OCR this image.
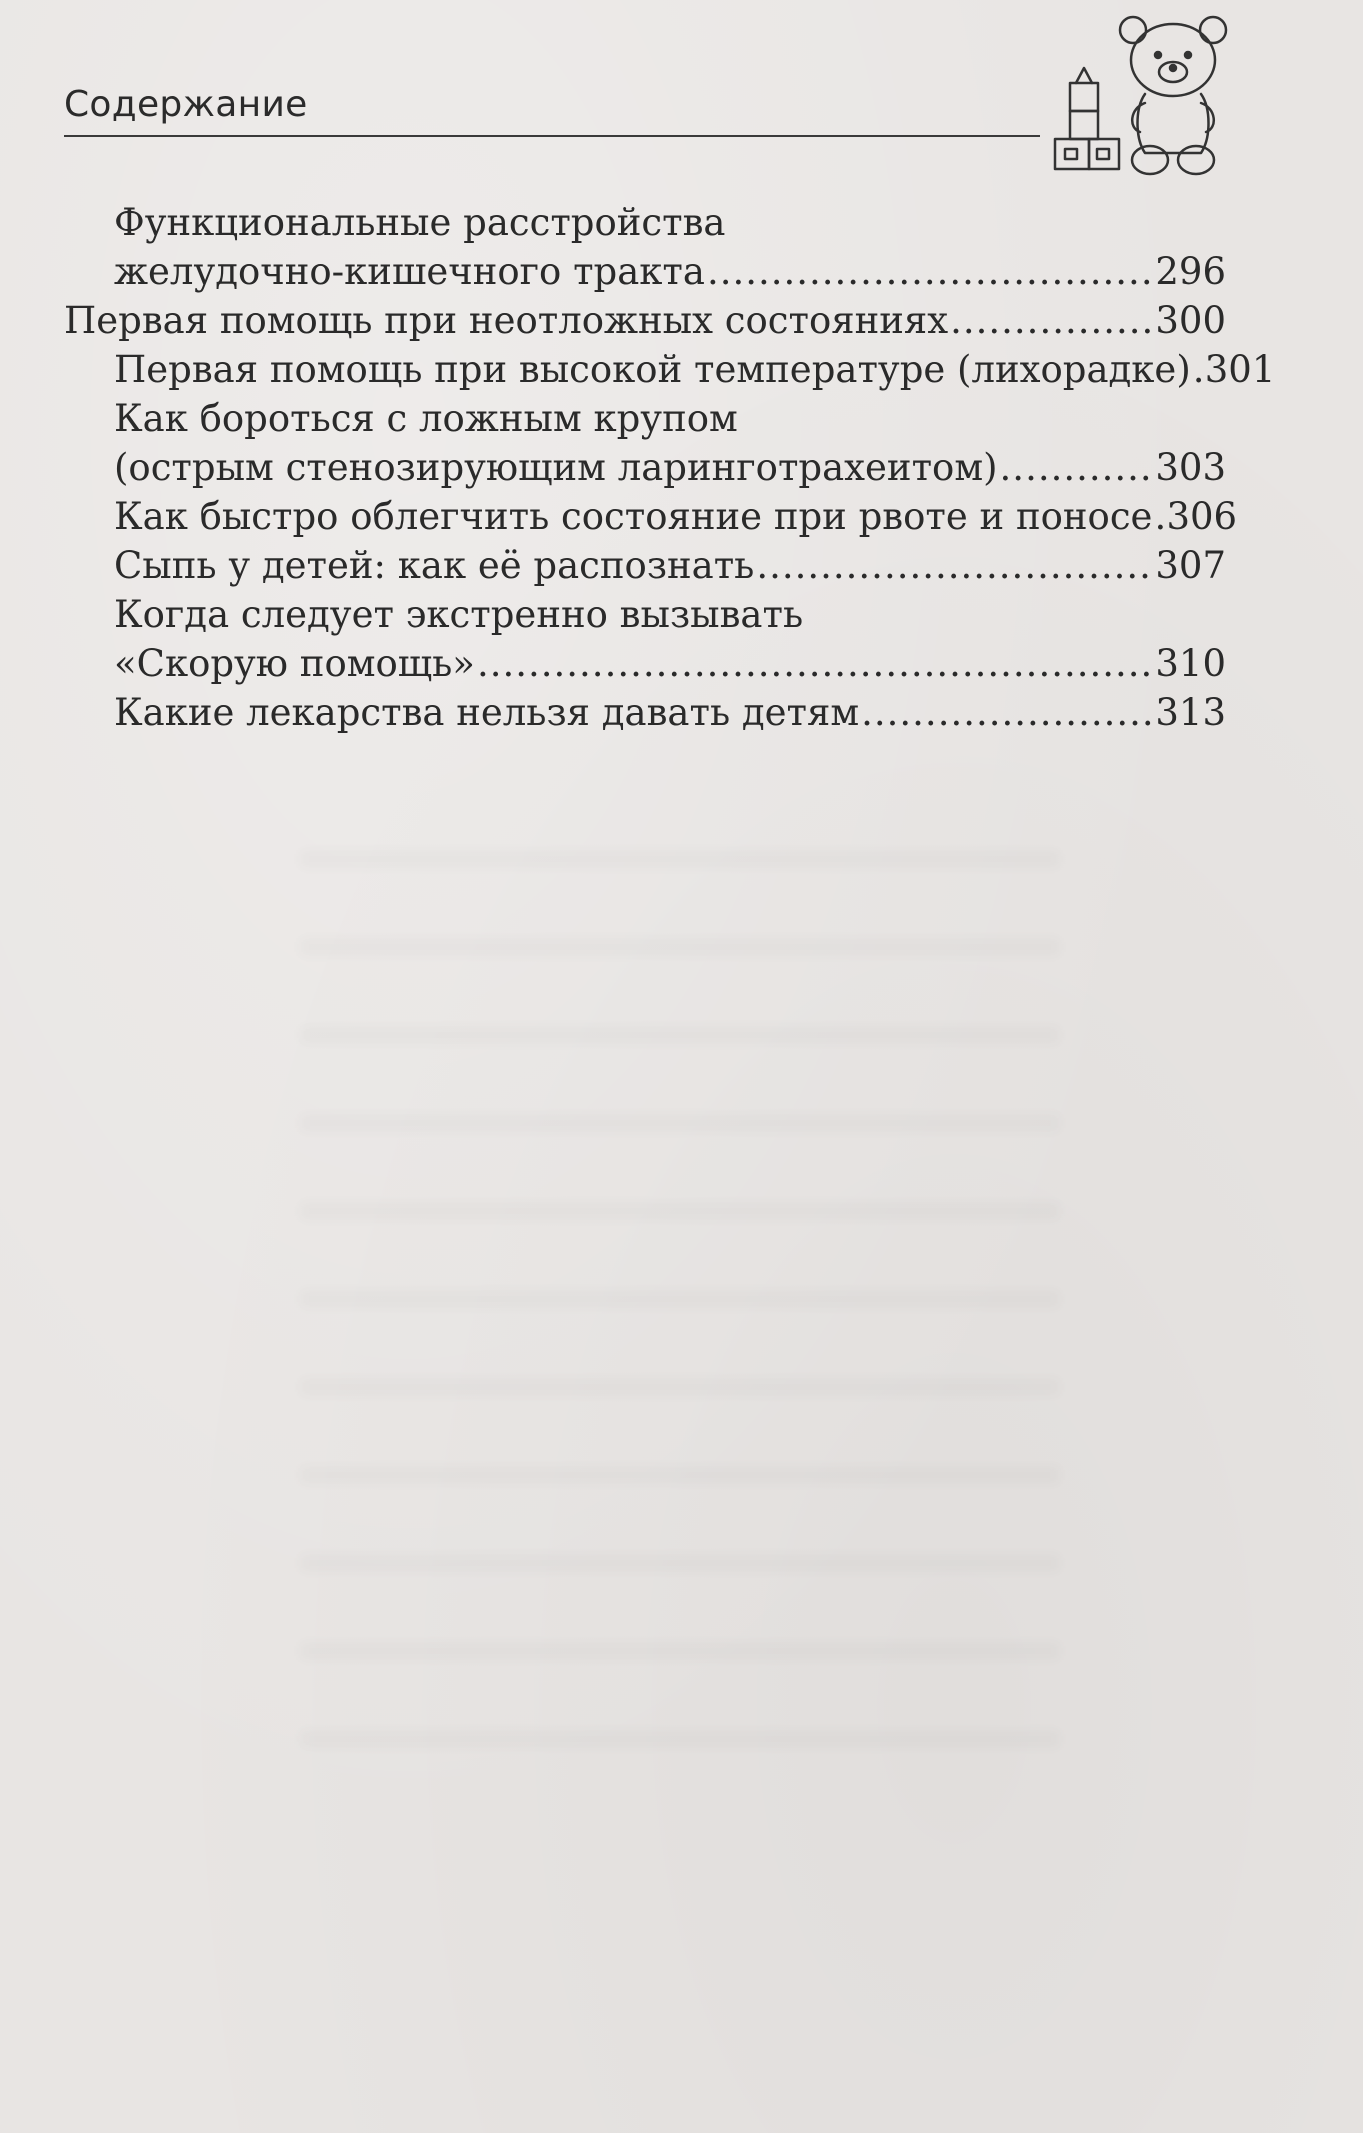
Содержание
Функциональные расстройства
желудочно-кишечного тракта .....	296
Первая помощь при неотложных состояниях .....	300
Первая помощь при высокой температуре (лихорадке) ..... 301
Как бороться с ложным крупом
(острым стенозирующим ларинготрахеитом) .....	303
Как быстро облегчить состояние при рвоте и поносе ..... 306
Сыпь у детей: как её распознать .....	307
Когда следует экстренно вызывать
«Скорую помощь» .....	310
Какие лекарства нельзя давать детям .....	313
